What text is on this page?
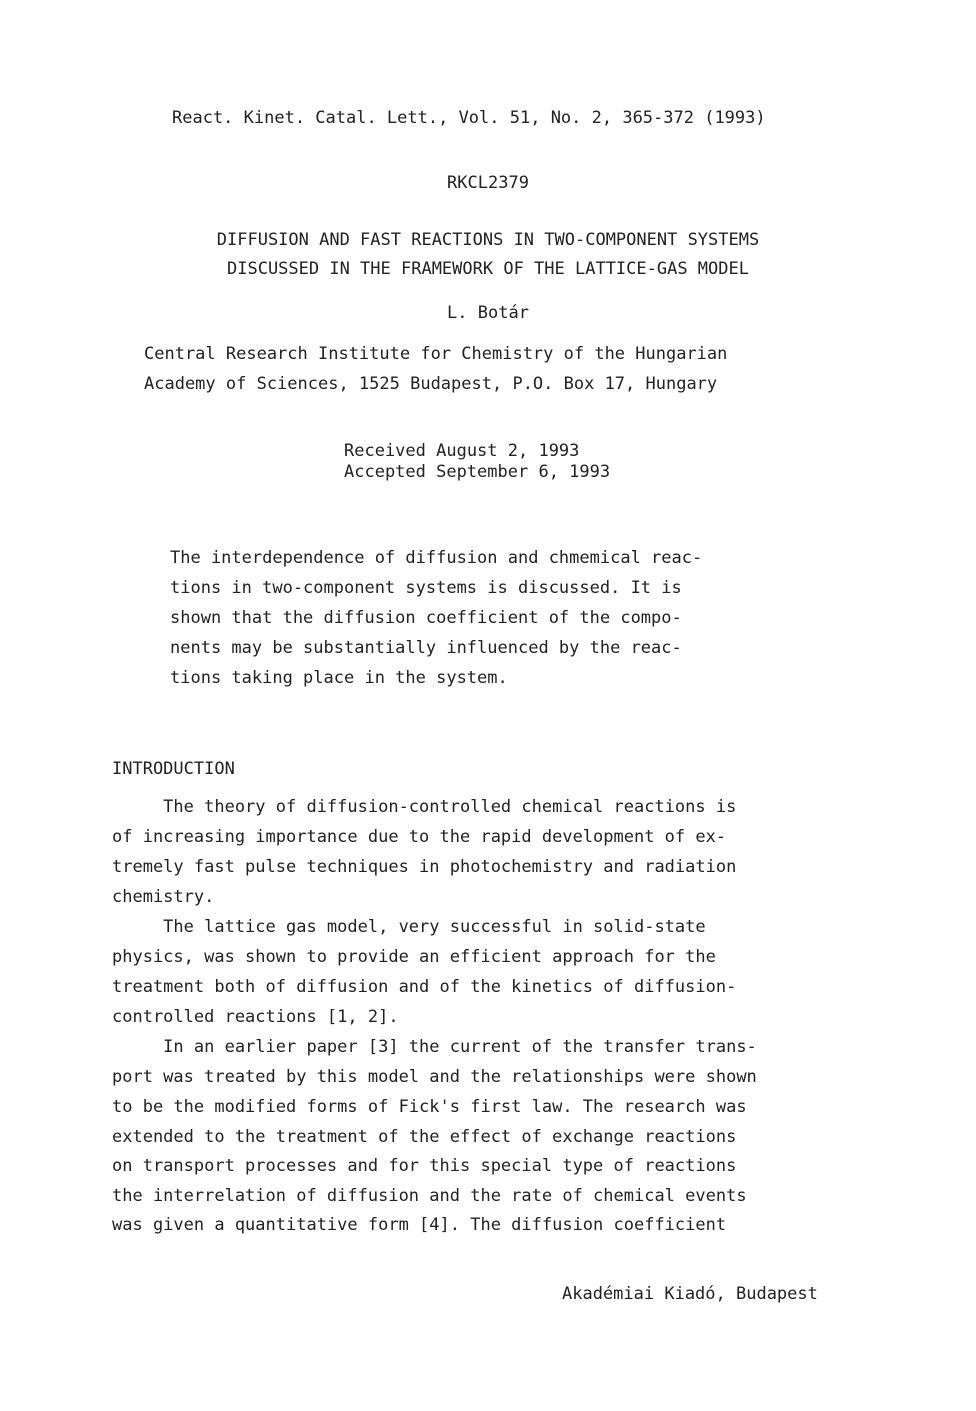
React. Kinet. Catal. Lett., Vol. 51, No. 2, 365-372 (1993)
RKCL2379
DIFFUSION AND FAST REACTIONS IN TWO-COMPONENT SYSTEMS
DISCUSSED IN THE FRAMEWORK OF THE LATTICE-GAS MODEL
L. Botár
Central Research Institute for Chemistry of the Hungarian
Academy of Sciences, 1525 Budapest, P.O. Box 17, Hungary
Received August 2, 1993
Accepted September 6, 1993
The interdependence of diffusion and chmemical reac-
tions in two-component systems is discussed. It is
shown that the diffusion coefficient of the compo-
nents may be substantially influenced by the reac-
tions taking place in the system.
INTRODUCTION
The theory of diffusion-controlled chemical reactions is
of increasing importance due to the rapid development of ex-
tremely fast pulse techniques in photochemistry and radiation
chemistry.
The lattice gas model, very successful in solid-state
physics, was shown to provide an efficient approach for the
treatment both of diffusion and of the kinetics of diffusion-
controlled reactions [1, 2].
In an earlier paper [3] the current of the transfer trans-
port was treated by this model and the relationships were shown
to be the modified forms of Fick's first law. The research was
extended to the treatment of the effect of exchange reactions
on transport processes and for this special type of reactions
the interrelation of diffusion and the rate of chemical events
was given a quantitative form [4]. The diffusion coefficient
Akadémiai Kiadó, Budapest
